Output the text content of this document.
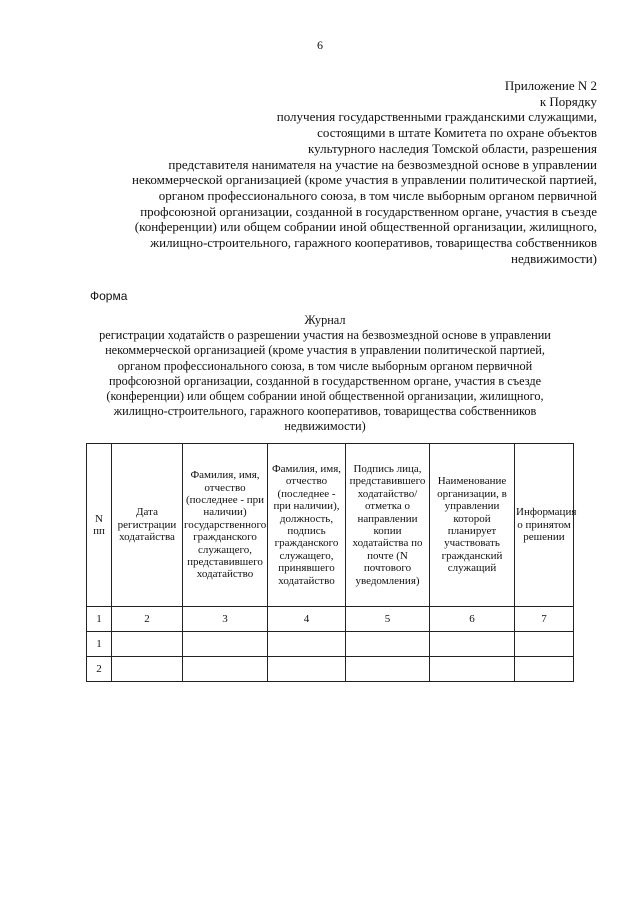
6
Приложение N 2
к Порядку
получения государственными гражданскими служащими,
состоящими в штате Комитета по охране объектов
культурного наследия Томской области, разрешения
представителя нанимателя на участие на безвозмездной основе в управлении
некоммерческой организацией (кроме участия в управлении политической партией,
органом профессионального союза, в том числе выборным органом первичной
профсоюзной организации, созданной в государственном органе, участия в съезде
(конференции) или общем собрании иной общественной организации, жилищного,
жилищно-строительного, гаражного кооперативов, товарищества собственников
недвижимости)
Форма
Журнал
регистрации ходатайств о разрешении участия на безвозмездной основе в управлении
некоммерческой организацией (кроме участия в управлении политической партией,
органом профессионального союза, в том числе выборным органом первичной
профсоюзной организации, созданной в государственном органе, участия в съезде
(конференции) или общем собрании иной общественной организации, жилищного,
жилищно-строительного, гаражного кооперативов, товарищества собственников
недвижимости)
N пп	Дата регистрации ходатайства	Фамилия, имя, отчество (последнее - при наличии) государственного гражданского служащего, представившего ходатайство	Фамилия, имя, отчество (последнее - при наличии), должность, подпись гражданского служащего, принявшего ходатайство	Подпись лица, представившего ходатайство/отметка о направлении копии ходатайства по почте (N почтового уведомления)	Наименование организации, в управлении которой планирует участвовать гражданский служащий	Информация о принятом решении
1	2	3	4	5	6	7
1						
2						
